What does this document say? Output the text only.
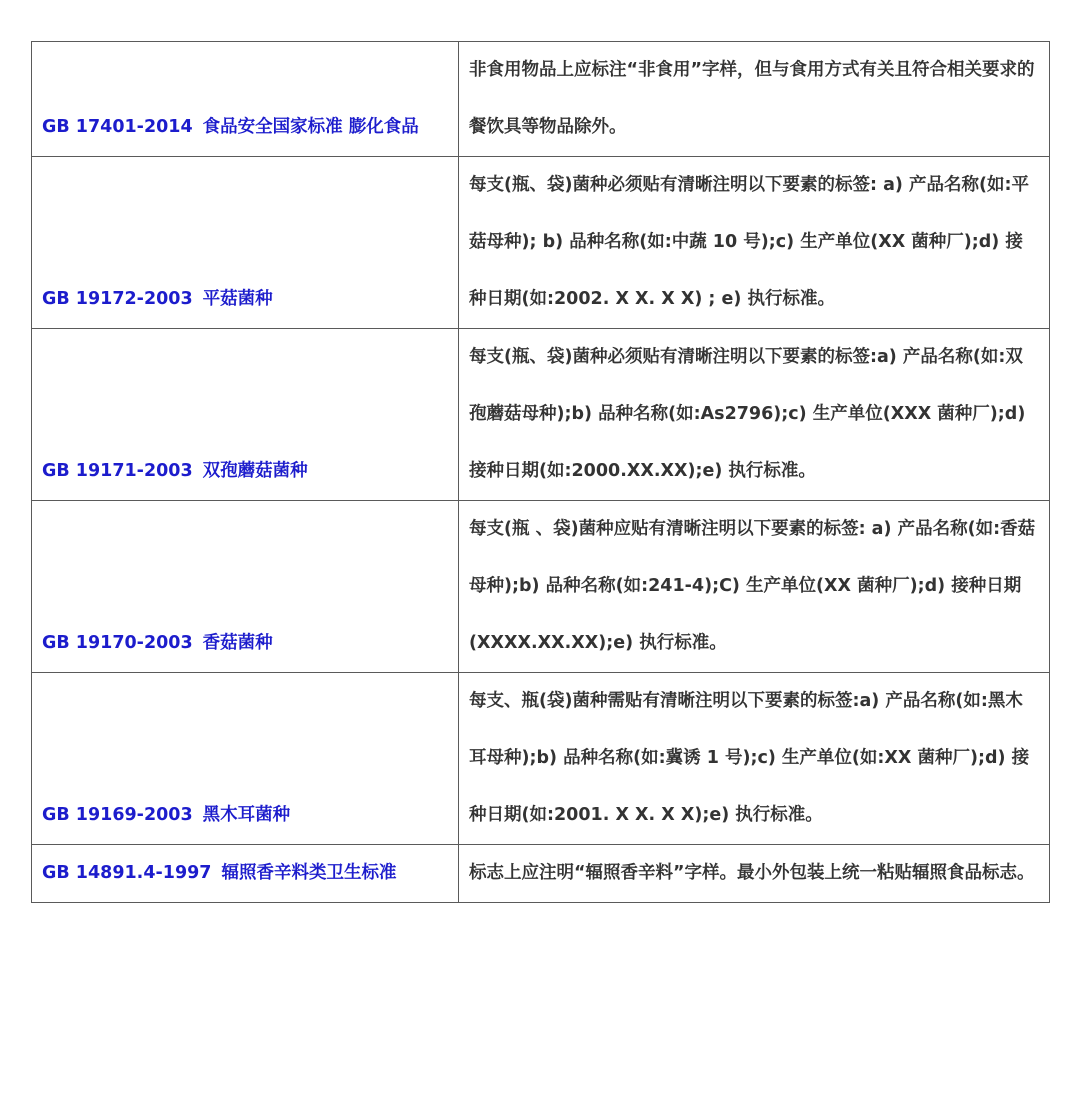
GB 17401-2014 食品安全国家标准 膨化食品	非食用物品上应标注“非食用”字样，但与食用方式有关且符合相关要求的餐饮具等物品除外。
GB 19172-2003 平菇菌种	每支(瓶、袋)菌种必须贴有清晰注明以下要素的标签: a) 产品名称(如:平菇母种); b) 品种名称(如:中蔬 10 号);c) 生产单位(XX 菌种厂);d) 接种日期(如:2002. X X. X X) ; e) 执行标准。
GB 19171-2003 双孢蘑菇菌种	每支(瓶、袋)菌种必须贴有清晰注明以下要素的标签:a) 产品名称(如:双孢蘑菇母种);b) 品种名称(如:As2796);c) 生产单位(XXX 菌种厂);d) 接种日期(如:2000.XX.XX);e) 执行标准。
GB 19170-2003 香菇菌种	每支(瓶 、袋)菌种应贴有清晰注明以下要素的标签: a) 产品名称(如:香菇母种);b) 品种名称(如:241-4);C) 生产单位(XX 菌种厂);d) 接种日期(XXXX.XX.XX);e) 执行标准。
GB 19169-2003 黑木耳菌种	每支、瓶(袋)菌种需贴有清晰注明以下要素的标签:a) 产品名称(如:黑木耳母种);b) 品种名称(如:冀诱 1 号);c) 生产单位(如:XX 菌种厂);d) 接种日期(如:2001. X X. X X);e) 执行标准。
GB 14891.4-1997 辐照香辛料类卫生标准	标志上应注明“辐照香辛料”字样。最小外包装上统一粘贴辐照食品标志。
